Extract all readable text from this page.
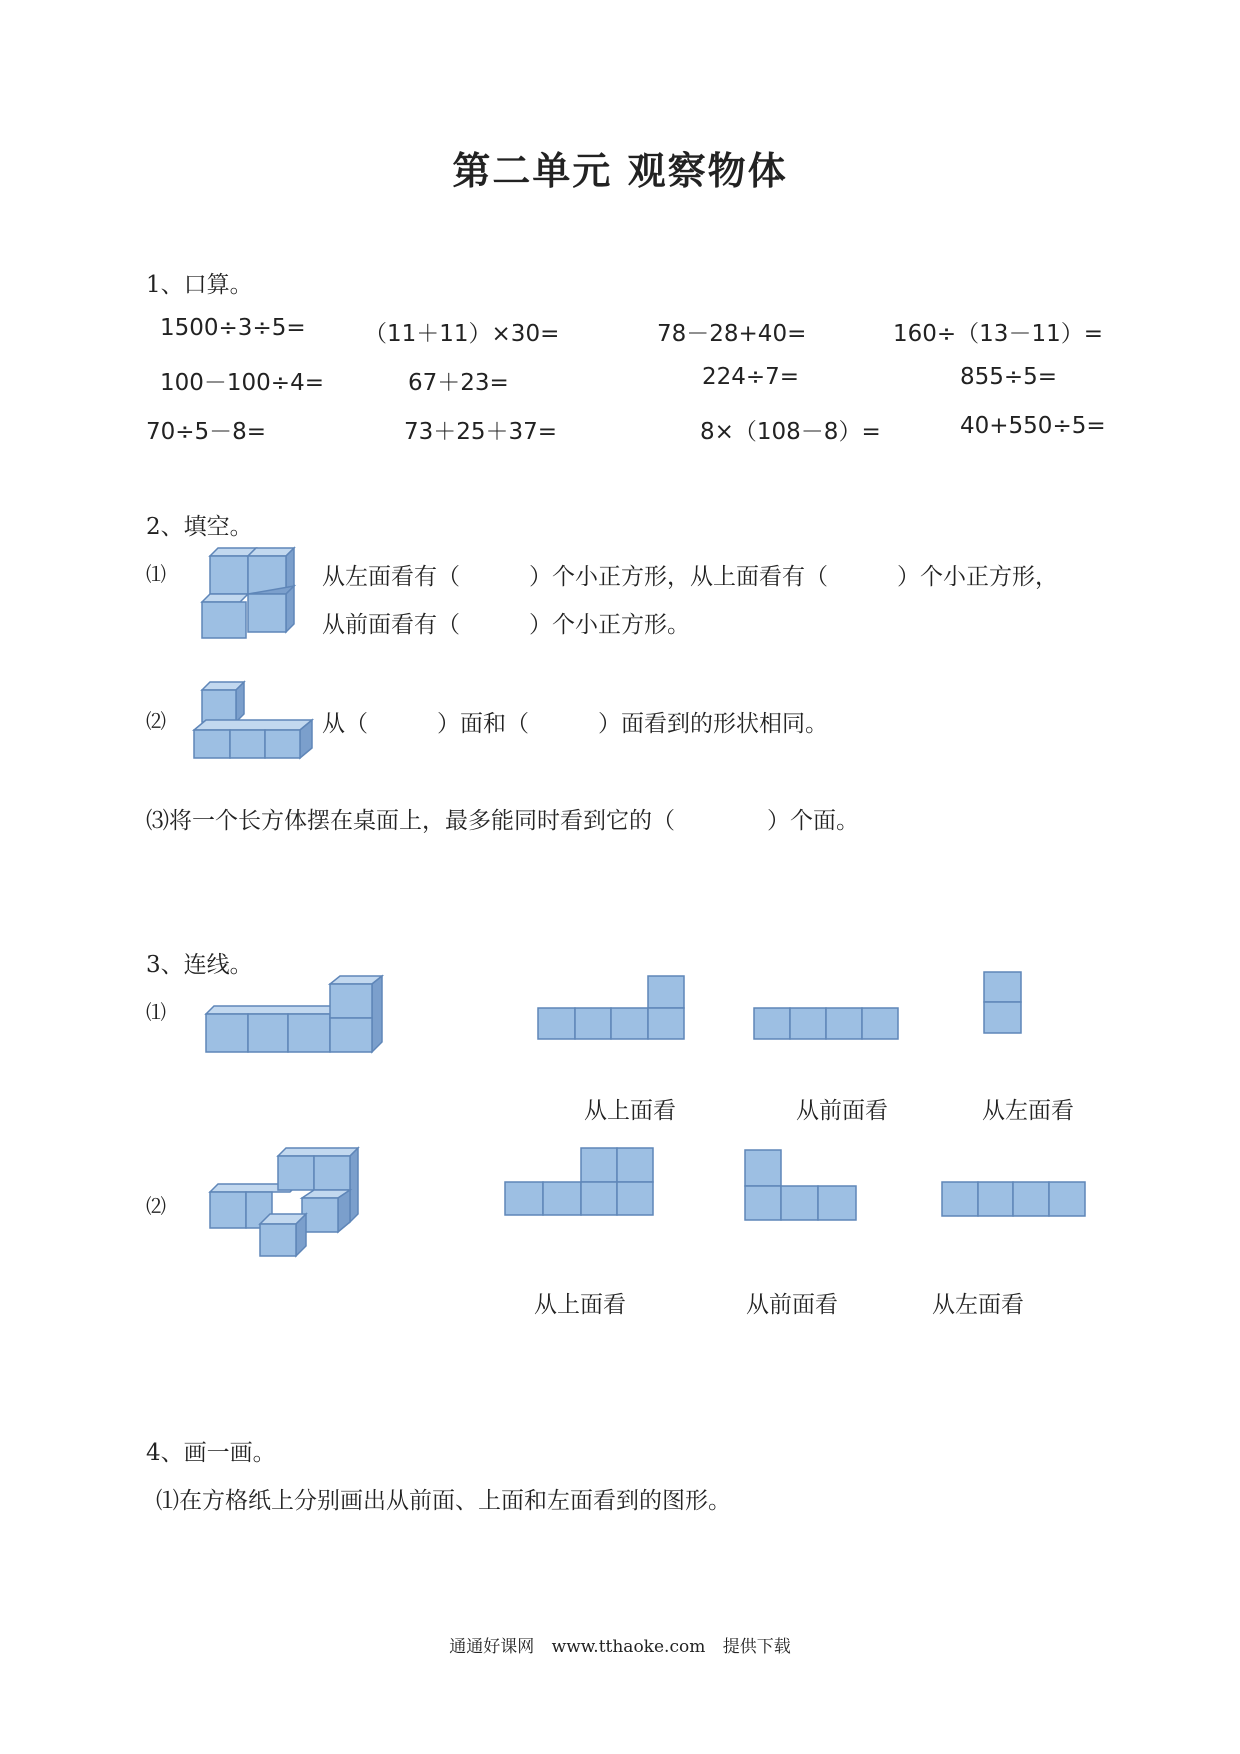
第二单元 观察物体
1、口算。
1500÷3÷5=	（11＋11）×30=	78－28+40=	160÷（13－11）=
100－100÷4=	67＋23=	224÷7=	855÷5=
70÷5－8=	73＋25＋37=	8×（108－8）=	40+550÷5=
2、填空。
⑴	从左面看有（　　　）个小正方形，从上面看有（　　　）个小正方形，
从前面看有（　　　）个小正方形。
⑵	从（　　　）面和（　　　）面看到的形状相同。
⑶将一个长方体摆在桌面上，最多能同时看到它的（　　　　）个面。
3、连线。
⑴
从上面看	从前面看	从左面看
⑵
从上面看	从前面看	从左面看
4、画一画。
⑴在方格纸上分别画出从前面、上面和左面看到的图形。
通通好课网 www.tthaoke.com 提供下载
